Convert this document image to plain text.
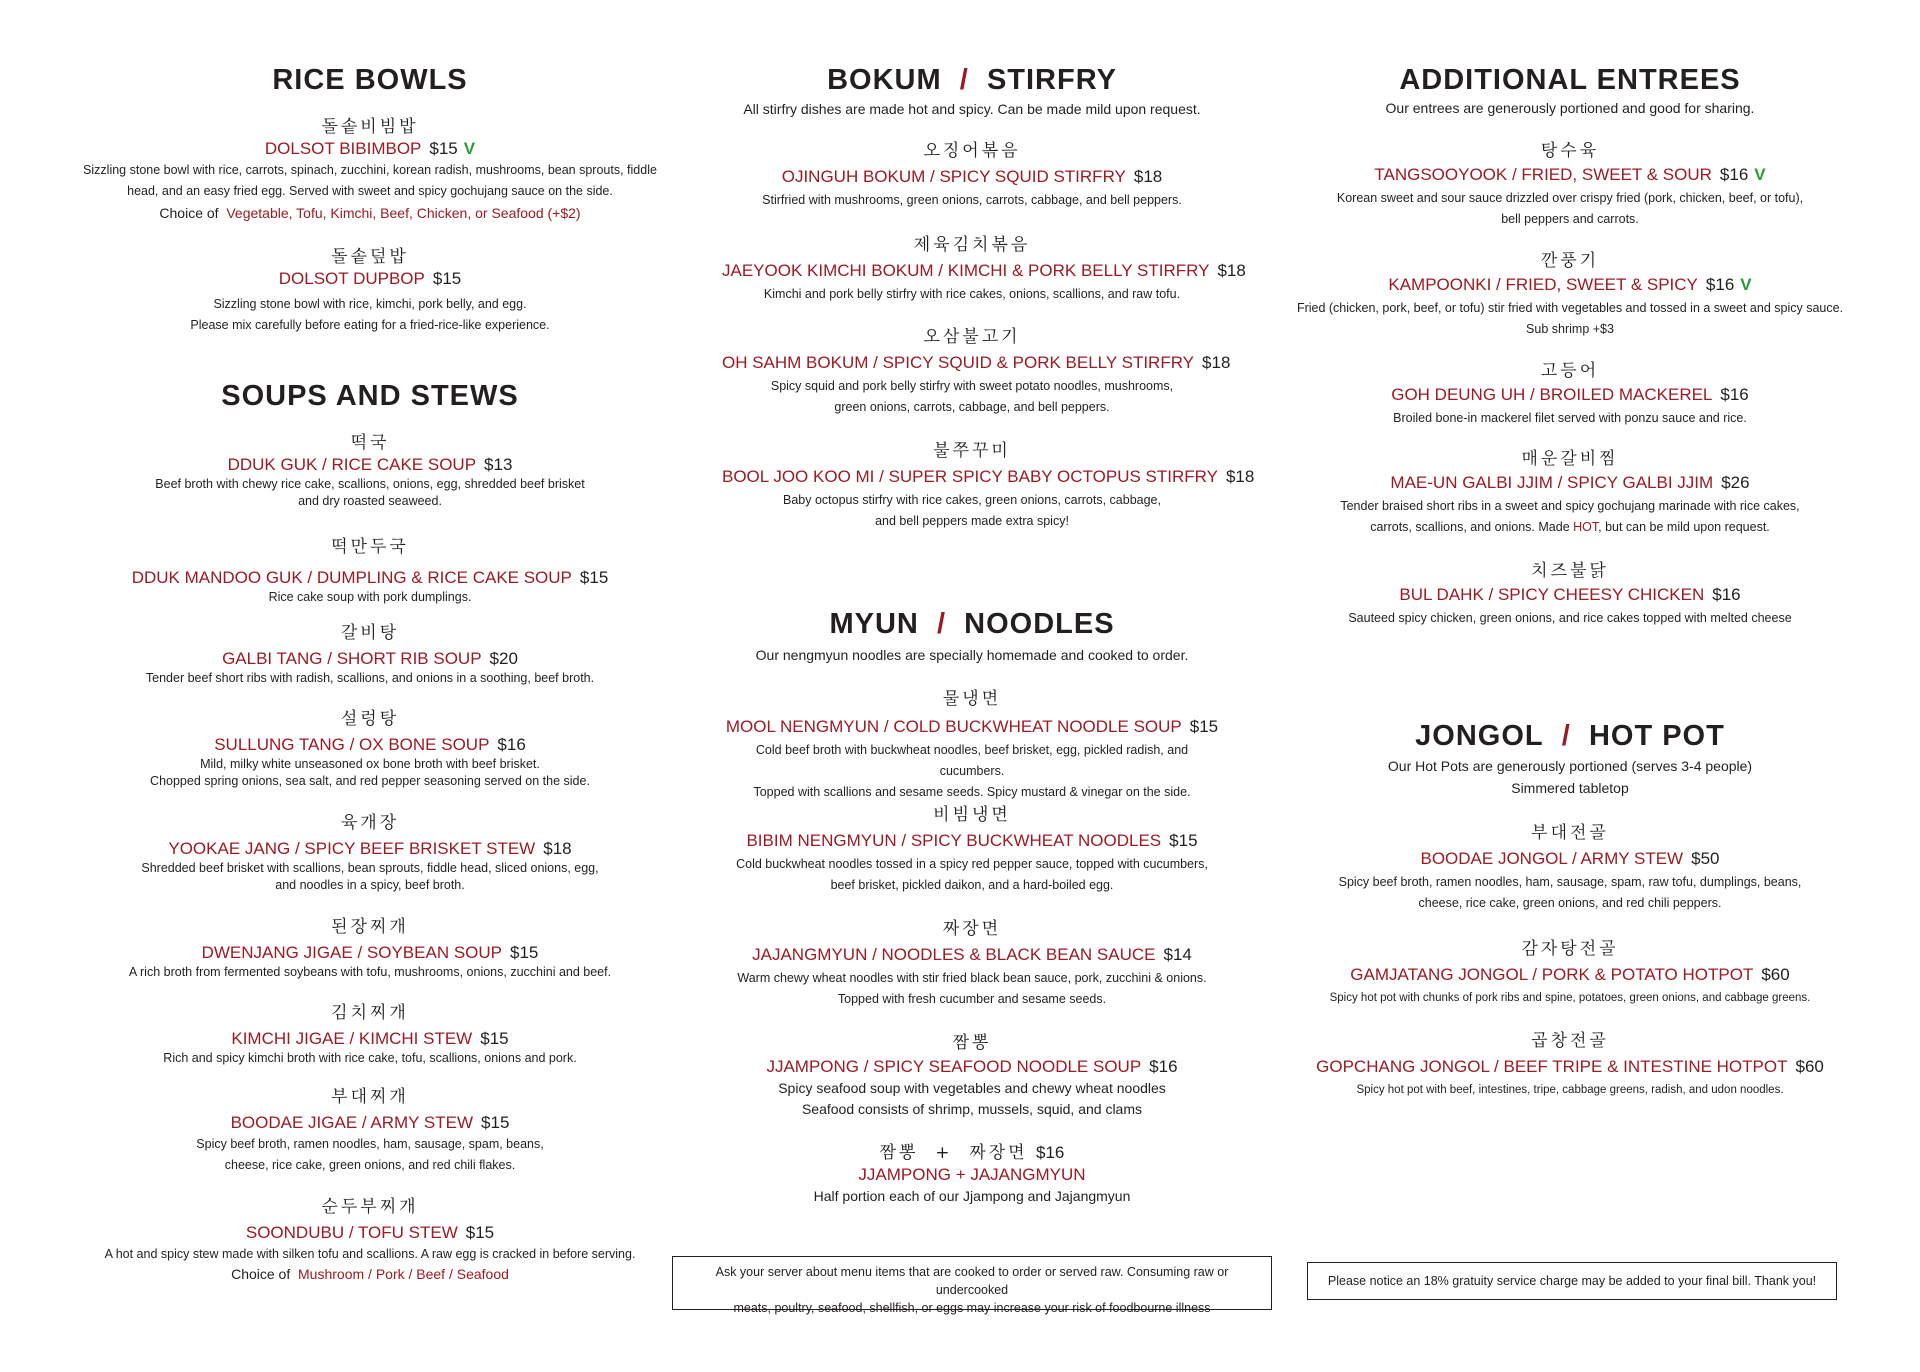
RICE BOWLS
돌솥비빔밥
DOLSOT BIBIMBOP $15 V
Sizzling stone bowl with rice, carrots, spinach, zucchini, korean radish, mushrooms, bean sprouts, fiddle
head, and an easy fried egg. Served with sweet and spicy gochujang sauce on the side.
Choice of Vegetable, Tofu, Kimchi, Beef, Chicken, or Seafood (+$2)
돌솥덮밥
DOLSOT DUPBOP $15
Sizzling stone bowl with rice, kimchi, pork belly, and egg.
Please mix carefully before eating for a fried-rice-like experience.
SOUPS AND STEWS
떡국
DDUK GUK / RICE CAKE SOUP $13
Beef broth with chewy rice cake, scallions, onions, egg, shredded beef brisket
and dry roasted seaweed.
떡만두국
DDUK MANDOO GUK / DUMPLING & RICE CAKE SOUP $15
Rice cake soup with pork dumplings.
갈비탕
GALBI TANG / SHORT RIB SOUP $20
Tender beef short ribs with radish, scallions, and onions in a soothing, beef broth.
설렁탕
SULLUNG TANG / OX BONE SOUP $16
Mild, milky white unseasoned ox bone broth with beef brisket.
Chopped spring onions, sea salt, and red pepper seasoning served on the side.
육개장
YOOKAE JANG / SPICY BEEF BRISKET STEW $18
Shredded beef brisket with scallions, bean sprouts, fiddle head, sliced onions, egg,
and noodles in a spicy, beef broth.
된장찌개
DWENJANG JIGAE / SOYBEAN SOUP $15
A rich broth from fermented soybeans with tofu, mushrooms, onions, zucchini and beef.
김치찌개
KIMCHI JIGAE / KIMCHI STEW $15
Rich and spicy kimchi broth with rice cake, tofu, scallions, onions and pork.
부대찌개
BOODAE JIGAE / ARMY STEW $15
Spicy beef broth, ramen noodles, ham, sausage, spam, beans,
cheese, rice cake, green onions, and red chili flakes.
순두부찌개
SOONDUBU / TOFU STEW $15
A hot and spicy stew made with silken tofu and scallions. A raw egg is cracked in before serving.
Choice of Mushroom / Pork / Beef / Seafood
BOKUM / STIRFRY
All stirfry dishes are made hot and spicy. Can be made mild upon request.
오징어볶음
OJINGUH BOKUM / SPICY SQUID STIRFRY $18
Stirfried with mushrooms, green onions, carrots, cabbage, and bell peppers.
제육김치볶음
JAEYOOK KIMCHI BOKUM / KIMCHI & PORK BELLY STIRFRY $18
Kimchi and pork belly stirfry with rice cakes, onions, scallions, and raw tofu.
오삼불고기
OH SAHM BOKUM / SPICY SQUID & PORK BELLY STIRFRY $18
Spicy squid and pork belly stirfry with sweet potato noodles, mushrooms,
green onions, carrots, cabbage, and bell peppers.
불쭈꾸미
BOOL JOO KOO MI / SUPER SPICY BABY OCTOPUS STIRFRY $18
Baby octopus stirfry with rice cakes, green onions, carrots, cabbage,
and bell peppers made extra spicy!
MYUN / NOODLES
Our nengmyun noodles are specially homemade and cooked to order.
물냉면
MOOL NENGMYUN / COLD BUCKWHEAT NOODLE SOUP $15
Cold beef broth with buckwheat noodles, beef brisket, egg, pickled radish, and cucumbers.
Topped with scallions and sesame seeds. Spicy mustard & vinegar on the side.
비빔냉면
BIBIM NENGMYUN / SPICY BUCKWHEAT NOODLES $15
Cold buckwheat noodles tossed in a spicy red pepper sauce, topped with cucumbers,
beef brisket, pickled daikon, and a hard-boiled egg.
짜장면
JAJANGMYUN / NOODLES & BLACK BEAN SAUCE $14
Warm chewy wheat noodles with stir fried black bean sauce, pork, zucchini & onions.
Topped with fresh cucumber and sesame seeds.
짬뽕
JJAMPONG / SPICY SEAFOOD NOODLE SOUP $16
Spicy seafood soup with vegetables and chewy wheat noodles
Seafood consists of shrimp, mussels, squid, and clams
짬뽕  +  짜장면 $16
JJAMPONG + JAJANGMYUN
Half portion each of our Jjampong and Jajangmyun
Ask your server about menu items that are cooked to order or served raw. Consuming raw or undercooked
meats, poultry, seafood, shellfish, or eggs may increase your risk of foodbourne illness
ADDITIONAL ENTREES
Our entrees are generously portioned and good for sharing.
탕수육
TANGSOOYOOK / FRIED, SWEET & SOUR $16 V
Korean sweet and sour sauce drizzled over crispy fried (pork, chicken, beef, or tofu),
bell peppers and carrots.
깐풍기
KAMPOONKI / FRIED, SWEET & SPICY $16 V
Fried (chicken, pork, beef, or tofu) stir fried with vegetables and tossed in a sweet and spicy sauce.
Sub shrimp +$3
고등어
GOH DEUNG UH / BROILED MACKEREL $16
Broiled bone-in mackerel filet served with ponzu sauce and rice.
매운갈비찜
MAE-UN GALBI JJIM / SPICY GALBI JJIM $26
Tender braised short ribs in a sweet and spicy gochujang marinade with rice cakes,
carrots, scallions, and onions. Made HOT, but can be mild upon request.
치즈불닭
BUL DAHK / SPICY CHEESY CHICKEN $16
Sauteed spicy chicken, green onions, and rice cakes topped with melted cheese
JONGOL / HOT POT
Our Hot Pots are generously portioned (serves 3-4 people)
Simmered tabletop
부대전골
BOODAE JONGOL / ARMY STEW $50
Spicy beef broth, ramen noodles, ham, sausage, spam, raw tofu, dumplings, beans,
cheese, rice cake, green onions, and red chili peppers.
감자탕전골
GAMJATANG JONGOL / PORK & POTATO HOTPOT $60
Spicy hot pot with chunks of pork ribs and spine, potatoes, green onions, and cabbage greens.
곱창전골
GOPCHANG JONGOL / BEEF TRIPE & INTESTINE HOTPOT $60
Spicy hot pot with beef, intestines, tripe, cabbage greens, radish, and udon noodles.
Please notice an 18% gratuity service charge may be added to your final bill. Thank you!
